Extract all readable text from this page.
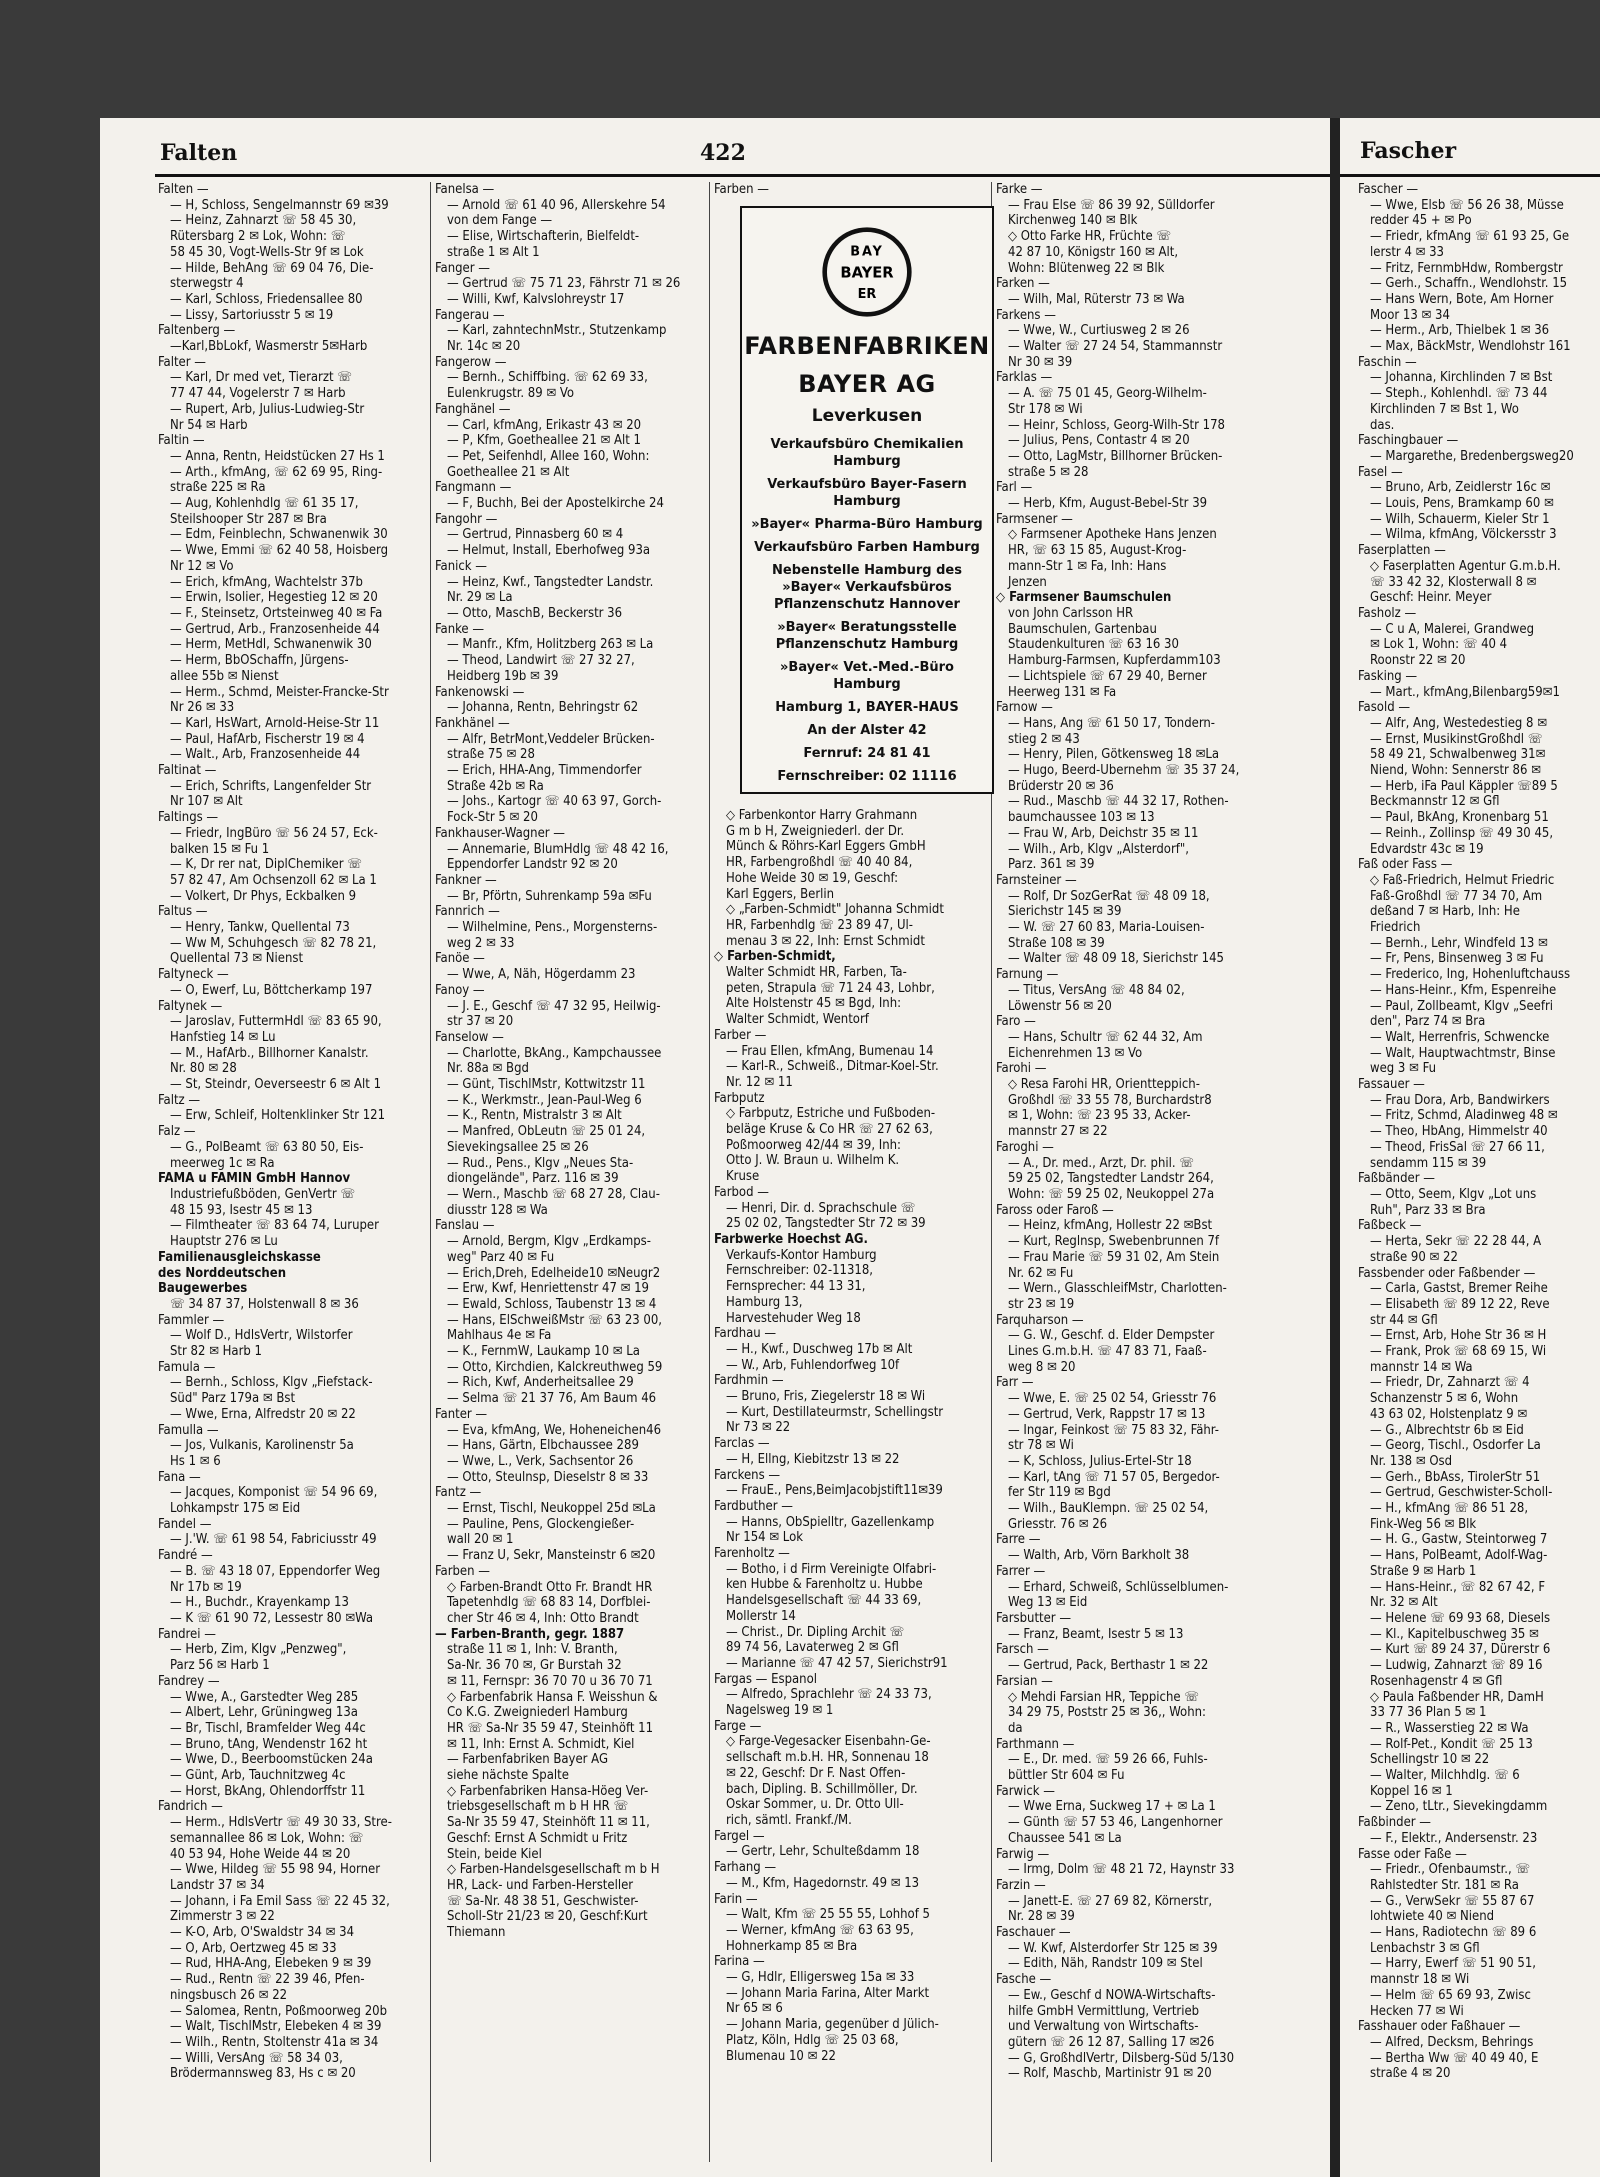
Falten	422
Falten —
— H, Schloss, Sengelmannstr 69 ✉39
— Heinz, Zahnarzt ☏ 58 45 30,
Rütersbarg 2 ✉ Lok, Wohn: ☏
58 45 30, Vogt-Wells-Str 9f ✉ Lok
— Hilde, BehAng ☏ 69 04 76, Die-
sterwegstr 4
— Karl, Schloss, Friedensallee 80
— Lissy, Sartoriusstr 5 ✉ 19
Faltenberg —
—Karl,BbLokf, Wasmerstr 5✉Harb
Falter —
— Karl, Dr med vet, Tierarzt ☏
77 47 44, Vogelerstr 7 ✉ Harb
— Rupert, Arb, Julius-Ludwieg-Str
Nr 54 ✉ Harb
Faltin —
— Anna, Rentn, Heidstücken 27 Hs 1
— Arth., kfmAng, ☏ 62 69 95, Ring-
straße 225 ✉ Ra
— Aug, Kohlenhdlg ☏ 61 35 17,
Steilshooper Str 287 ✉ Bra
— Edm, Feinblechn, Schwanenwik 30
— Wwe, Emmi ☏ 62 40 58, Hoisberg
Nr 12 ✉ Vo
— Erich, kfmAng, Wachtelstr 37b
— Erwin, Isolier, Hegestieg 12 ✉ 20
— F., Steinsetz, Ortsteinweg 40 ✉ Fa
— Gertrud, Arb., Franzosenheide 44
— Herm, MetHdl, Schwanenwik 30
— Herm, BbOSchaffn, Jürgens-
allee 55b ✉ Nienst
— Herm., Schmd, Meister-Francke-Str
Nr 26 ✉ 33
— Karl, HsWart, Arnold-Heise-Str 11
— Paul, HafArb, Fischerstr 19 ✉ 4
— Walt., Arb, Franzosenheide 44
Faltinat —
— Erich, Schrifts, Langenfelder Str
Nr 107 ✉ Alt
Faltings —
— Friedr, IngBüro ☏ 56 24 57, Eck-
balken 15 ✉ Fu 1
— K, Dr rer nat, DiplChemiker ☏
57 82 47, Am Ochsenzoll 62 ✉ La 1
— Volkert, Dr Phys, Eckbalken 9
Faltus —
— Henry, Tankw, Quellental 73
— Ww M, Schuhgesch ☏ 82 78 21,
Quellental 73 ✉ Nienst
Faltyneck —
— O, Ewerf, Lu, Böttcherkamp 197
Faltynek —
— Jaroslav, FuttermHdl ☏ 83 65 90,
Hanfstieg 14 ✉ Lu
— M., HafArb., Billhorner Kanalstr.
Nr. 80 ✉ 28
— St, Steindr, Oeverseestr 6 ✉ Alt 1
Faltz —
— Erw, Schleif, Holtenklinker Str 121
Falz —
— G., PolBeamt ☏ 63 80 50, Eis-
meerweg 1c ✉ Ra
FAMA u FAMIN GmbH Hannov
Industriefußböden, GenVertr ☏
48 15 93, Isestr 45 ✉ 13
— Filmtheater ☏ 83 64 74, Luruper
Hauptstr 276 ✉ Lu
Familienausgleichskasse
des Norddeutschen
Baugewerbes
☏ 34 87 37, Holstenwall 8 ✉ 36
Fammler —
— Wolf D., HdlsVertr, Wilstorfer
Str 82 ✉ Harb 1
Famula —
— Bernh., Schloss, Klgv „Fiefstack-
Süd" Parz 179a ✉ Bst
— Wwe, Erna, Alfredstr 20 ✉ 22
Famulla —
— Jos, Vulkanis, Karolinenstr 5a
Hs 1 ✉ 6
Fana —
— Jacques, Komponist ☏ 54 96 69,
Lohkampstr 175 ✉ Eid
Fandel —
— J.'W. ☏ 61 98 54, Fabriciusstr 49
Fandré —
— B. ☏ 43 18 07, Eppendorfer Weg
Nr 17b ✉ 19
— H., Buchdr., Krayenkamp 13
— K ☏ 61 90 72, Lessestr 80 ✉Wa
Fandrei —
— Herb, Zim, Klgv „Penzweg",
Parz 56 ✉ Harb 1
Fandrey —
— Wwe, A., Garstedter Weg 285
— Albert, Lehr, Grüningweg 13a
— Br, Tischl, Bramfelder Weg 44c
— Bruno, tAng, Wendenstr 162 ht
— Wwe, D., Beerboomstücken 24a
— Günt, Arb, Tauchnitzweg 4c
— Horst, BkAng, Ohlendorffstr 11
Fandrich —
— Herm., HdlsVertr ☏ 49 30 33, Stre-
semannallee 86 ✉ Lok, Wohn: ☏
40 53 94, Hohe Weide 44 ✉ 20
— Wwe, Hildeg ☏ 55 98 94, Horner
Landstr 37 ✉ 34
— Johann, i Fa Emil Sass ☏ 22 45 32,
Zimmerstr 3 ✉ 22
— K-O, Arb, O'Swaldstr 34 ✉ 34
— O, Arb, Oertzweg 45 ✉ 33
— Rud, HHA-Ang, Elebeken 9 ✉ 39
— Rud., Rentn ☏ 22 39 46, Pfen-
ningsbusch 26 ✉ 22
— Salomea, Rentn, Poßmoorweg 20b
— Walt, TischlMstr, Elebeken 4 ✉ 39
— Wilh., Rentn, Stoltenstr 41a ✉ 34
— Willi, VersAng ☏ 58 34 03,
Brödermannsweg 83, Hs c ✉ 20
Fanelsa —
— Arnold ☏ 61 40 96, Allerskehre 54
von dem Fange —
— Elise, Wirtschafterin, Bielfeldt-
straße 1 ✉ Alt 1
Fanger —
— Gertrud ☏ 75 71 23, Fährstr 71 ✉ 26
— Willi, Kwf, Kalvslohreystr 17
Fangerau —
— Karl, zahntechnMstr., Stutzenkamp
Nr. 14c ✉ 20
Fangerow —
— Bernh., Schiffbing. ☏ 62 69 33,
Eulenkrugstr. 89 ✉ Vo
Fanghänel —
— Carl, kfmAng, Erikastr 43 ✉ 20
— P, Kfm, Goetheallee 21 ✉ Alt 1
— Pet, Seifenhdl, Allee 160, Wohn:
Goetheallee 21 ✉ Alt
Fangmann —
— F, Buchh, Bei der Apostelkirche 24
Fangohr —
— Gertrud, Pinnasberg 60 ✉ 4
— Helmut, Install, Eberhofweg 93a
Fanick —
— Heinz, Kwf., Tangstedter Landstr.
Nr. 29 ✉ La
— Otto, MaschB, Beckerstr 36
Fanke —
— Manfr., Kfm, Holitzberg 263 ✉ La
— Theod, Landwirt ☏ 27 32 27,
Heidberg 19b ✉ 39
Fankenowski —
— Johanna, Rentn, Behringstr 62
Fankhänel —
— Alfr, BetrMont,Veddeler Brücken-
straße 75 ✉ 28
— Erich, HHA-Ang, Timmendorfer
Straße 42b ✉ Ra
— Johs., Kartogr ☏ 40 63 97, Gorch-
Fock-Str 5 ✉ 20
Fankhauser-Wagner —
— Annemarie, BlumHdlg ☏ 48 42 16,
Eppendorfer Landstr 92 ✉ 20
Fankner —
— Br, Pförtn, Suhrenkamp 59a ✉Fu
Fannrich —
— Wilhelmine, Pens., Morgensterns-
weg 2 ✉ 33
Fanöe —
— Wwe, A, Näh, Högerdamm 23
Fanoy —
— J. E., Geschf ☏ 47 32 95, Heilwig-
str 37 ✉ 20
Fanselow —
— Charlotte, BkAng., Kampchaussee
Nr. 88a ✉ Bgd
— Günt, TischlMstr, Kottwitzstr 11
— K., Werkmstr., Jean-Paul-Weg 6
— K., Rentn, Mistralstr 3 ✉ Alt
— Manfred, ObLeutn ☏ 25 01 24,
Sievekingsallee 25 ✉ 26
— Rud., Pens., Klgv „Neues Sta-
diongelände", Parz. 116 ✉ 39
— Wern., Maschb ☏ 68 27 28, Clau-
diusstr 128 ✉ Wa
Fanslau —
— Arnold, Bergm, Klgv „Erdkamps-
weg" Parz 40 ✉ Fu
— Erich,Dreh, Edelheide10 ✉Neugr2
— Erw, Kwf, Henriettenstr 47 ✉ 19
— Ewald, Schloss, Taubenstr 13 ✉ 4
— Hans, ElSchweißMstr ☏ 63 23 00,
Mahlhaus 4e ✉ Fa
— K., FernmW, Laukamp 10 ✉ La
— Otto, Kirchdien, Kalckreuthweg 59
— Rich, Kwf, Anderheitsallee 29
— Selma ☏ 21 37 76, Am Baum 46
Fanter —
— Eva, kfmAng, We, Hoheneichen46
— Hans, Gärtn, Elbchaussee 289
— Wwe, L., Verk, Sachsentor 26
— Otto, Steulnsp, Dieselstr 8 ✉ 33
Fantz —
— Ernst, Tischl, Neukoppel 25d ✉La
— Pauline, Pens, Glockengießer-
wall 20 ✉ 1
— Franz U, Sekr, Mansteinstr 6 ✉20
Farben —
◇ Farben-Brandt Otto Fr. Brandt HR
Tapetenhdlg ☏ 68 83 14, Dorfblei-
cher Str 46 ✉ 4, Inh: Otto Brandt
— Farben-Branth, gegr. 1887
straße 11 ✉ 1, Inh: V. Branth,
Sa-Nr. 36 70 ✉, Gr Burstah 32
✉ 11, Fernspr: 36 70 70 u 36 70 71
◇ Farbenfabrik Hansa F. Weisshun &
Co K.G. Zweigniederl Hamburg
HR ☏ Sa-Nr 35 59 47, Steinhöft 11
✉ 11, Inh: Ernst A. Schmidt, Kiel
— Farbenfabriken Bayer AG
siehe nächste Spalte
◇ Farbenfabriken Hansa-Höeg Ver-
triebsgesellschaft m b H HR ☏
Sa-Nr 35 59 47, Steinhöft 11 ✉ 11,
Geschf: Ernst A Schmidt u Fritz
Stein, beide Kiel
◇ Farben-Handelsgesellschaft m b H
HR, Lack- und Farben-Hersteller
☏ Sa-Nr. 48 38 51, Geschwister-
Scholl-Str 21/23 ✉ 20, Geschf:Kurt
Thiemann
Farben —
BAY
BAYER
ER
FARBENFABRIKEN
BAYER AG
Leverkusen
Verkaufsbüro Chemikalien Hamburg
Verkaufsbüro Bayer-Fasern Hamburg
»Bayer« Pharma-Büro Hamburg
Verkaufsbüro Farben Hamburg
Nebenstelle Hamburg des »Bayer« Verkaufsbüros Pflanzenschutz Hannover
»Bayer« Beratungsstelle Pflanzenschutz Hamburg
»Bayer« Vet.-Med.-Büro Hamburg
Hamburg 1, BAYER-HAUS
An der Alster 42
Fernruf: 24 81 41
Fernschreiber: 02 11116
◇ Farbenkontor Harry Grahmann
G m b H, Zweigniederl. der Dr.
Münch & Röhrs-Karl Eggers GmbH
HR, Farbengroßhdl ☏ 40 40 84,
Hohe Weide 30 ✉ 19, Geschf:
Karl Eggers, Berlin
◇ „Farben-Schmidt" Johanna Schmidt
HR, Farbenhdlg ☏ 23 89 47, Ul-
menau 3 ✉ 22, Inh: Ernst Schmidt
◇ Farben-Schmidt,
Walter Schmidt HR, Farben, Ta-
peten, Strapula ☏ 71 24 43, Lohbr,
Alte Holstenstr 45 ✉ Bgd, Inh:
Walter Schmidt, Wentorf
Farber —
— Frau Ellen, kfmAng, Bumenau 14
— Karl-R., Schweiß., Ditmar-Koel-Str.
Nr. 12 ✉ 11
Farbputz
◇ Farbputz, Estriche und Fußboden-
beläge Kruse & Co HR ☏ 27 62 63,
Poßmoorweg 42/44 ✉ 39, Inh:
Otto J. W. Braun u. Wilhelm K.
Kruse
Farbod —
— Henri, Dir. d. Sprachschule ☏
25 02 02, Tangstedter Str 72 ✉ 39
Farbwerke Hoechst AG.
Verkaufs-Kontor Hamburg
Fernschreiber: 02-11318,
Fernsprecher: 44 13 31,
Hamburg 13,
Harvestehuder Weg 18
Fardhau —
— H., Kwf., Duschweg 17b ✉ Alt
— W., Arb, Fuhlendorfweg 10f
Fardhmin —
— Bruno, Fris, Ziegelerstr 18 ✉ Wi
— Kurt, Destillateurmstr, Schellingstr
Nr 73 ✉ 22
Farclas —
— H, Ellng, Kiebitzstr 13 ✉ 22
Farckens —
— FrauE., Pens,BeimJacobjstift11✉39
Fardbuther —
— Hanns, ObSpielltr, Gazellenkamp
Nr 154 ✉ Lok
Farenholtz —
— Botho, i d Firm Vereinigte Ölfabri-
ken Hubbe & Farenholtz u. Hubbe
Handelsgesellschaft ☏ 44 33 69,
Mollerstr 14
— Christ., Dr. Dipling Archit ☏
89 74 56, Lavaterweg 2 ✉ Gfl
— Marianne ☏ 47 42 57, Sierichstr91
Fargas — Espanol
— Alfredo, Sprachlehr ☏ 24 33 73,
Nagelsweg 19 ✉ 1
Farge —
◇ Farge-Vegesacker Eisenbahn-Ge-
sellschaft m.b.H. HR, Sonnenau 18
✉ 22, Geschf: Dr F. Nast Offen-
bach, Dipling. B. Schillmöller, Dr.
Oskar Sommer, u. Dr. Otto Ull-
rich, sämtl. Frankf./M.
Fargel —
— Gertr, Lehr, Schulteßdamm 18
Farhang —
— M., Kfm, Hagedornstr. 49 ✉ 13
Farin —
— Walt, Kfm ☏ 25 55 55, Lohhof 5
— Werner, kfmAng ☏ 63 63 95,
Hohnerkamp 85 ✉ Bra
Farina —
— G, Hdlr, Elligersweg 15a ✉ 33
— Johann Maria Farina, Alter Markt
Nr 65 ✉ 6
— Johann Maria, gegenüber d Jülich-
Platz, Köln, Hdlg ☏ 25 03 68,
Blumenau 10 ✉ 22
Farke —
— Frau Else ☏ 86 39 92, Sülldorfer
Kirchenweg 140 ✉ Blk
◇ Otto Farke HR, Früchte ☏
42 87 10, Königstr 160 ✉ Alt,
Wohn: Blütenweg 22 ✉ Blk
Farken —
— Wilh, Mal, Rüterstr 73 ✉ Wa
Farkens —
— Wwe, W., Curtiusweg 2 ✉ 26
— Walter ☏ 27 24 54, Stammannstr
Nr 30 ✉ 39
Farklas —
— A. ☏ 75 01 45, Georg-Wilhelm-
Str 178 ✉ Wi
— Heinr, Schloss, Georg-Wilh-Str 178
— Julius, Pens, Contastr 4 ✉ 20
— Otto, LagMstr, Billhorner Brücken-
straße 5 ✉ 28
Farl —
— Herb, Kfm, August-Bebel-Str 39
Farmsener —
◇ Farmsener Apotheke Hans Jenzen
HR, ☏ 63 15 85, August-Krog-
mann-Str 1 ✉ Fa, Inh: Hans
Jenzen
◇ Farmsener Baumschulen
von John Carlsson HR
Baumschulen, Gartenbau
Staudenkulturen ☏ 63 16 30
Hamburg-Farmsen, Kupferdamm103
— Lichtspiele ☏ 67 29 40, Berner
Heerweg 131 ✉ Fa
Farnow —
— Hans, Ang ☏ 61 50 17, Tondern-
stieg 2 ✉ 43
— Henry, Pilen, Götkensweg 18 ✉La
— Hugo, Beerd-Übernehm ☏ 35 37 24,
Brüderstr 20 ✉ 36
— Rud., Maschb ☏ 44 32 17, Rothen-
baumchaussee 103 ✉ 13
— Frau W, Arb, Deichstr 35 ✉ 11
— Wilh., Arb, Klgv „Alsterdorf",
Parz. 361 ✉ 39
Farnsteiner —
— Rolf, Dr SozGerRat ☏ 48 09 18,
Sierichstr 145 ✉ 39
— W. ☏ 27 60 83, Maria-Louisen-
Straße 108 ✉ 39
— Walter ☏ 48 09 18, Sierichstr 145
Farnung —
— Titus, VersAng ☏ 48 84 02,
Löwenstr 56 ✉ 20
Faro —
— Hans, Schultr ☏ 62 44 32, Am
Eichenrehmen 13 ✉ Vo
Farohi —
◇ Resa Farohi HR, Orientteppich-
Großhdl ☏ 33 55 78, Burchardstr8
✉ 1, Wohn: ☏ 23 95 33, Acker-
mannstr 27 ✉ 22
Faroghi —
— A., Dr. med., Arzt, Dr. phil. ☏
59 25 02, Tangstedter Landstr 264,
Wohn: ☏ 59 25 02, Neukoppel 27a
Faross oder Faroß —
— Heinz, kfmAng, Hollestr 22 ✉Bst
— Kurt, Reglnsp, Swebenbrunnen 7f
— Frau Marie ☏ 59 31 02, Am Stein
Nr. 62 ✉ Fu
— Wern., GlasschleifMstr, Charlotten-
str 23 ✉ 19
Farquharson —
— G. W., Geschf. d. Elder Dempster
Lines G.m.b.H. ☏ 47 83 71, Faaß-
weg 8 ✉ 20
Farr —
— Wwe, E. ☏ 25 02 54, Griesstr 76
— Gertrud, Verk, Rappstr 17 ✉ 13
— Ingar, Feinkost ☏ 75 83 32, Fähr-
str 78 ✉ Wi
— K, Schloss, Julius-Ertel-Str 18
— Karl, tAng ☏ 71 57 05, Bergedor-
fer Str 119 ✉ Bgd
— Wilh., BauKlempn. ☏ 25 02 54,
Griesstr. 76 ✉ 26
Farre —
— Walth, Arb, Vörn Barkholt 38
Farrer —
— Erhard, Schweiß, Schlüsselblumen-
Weg 13 ✉ Eid
Farsbutter —
— Franz, Beamt, Isestr 5 ✉ 13
Farsch —
— Gertrud, Pack, Berthastr 1 ✉ 22
Farsian —
◇ Mehdi Farsian HR, Teppiche ☏
34 29 75, Poststr 25 ✉ 36,, Wohn:
da
Farthmann —
— E., Dr. med. ☏ 59 26 66, Fuhls-
büttler Str 604 ✉ Fu
Farwick —
— Wwe Erna, Suckweg 17 + ✉ La 1
— Günth ☏ 57 53 46, Langenhorner
Chaussee 541 ✉ La
Farwig —
— Irmg, Dolm ☏ 48 21 72, Haynstr 33
Farzin —
— Janett-E. ☏ 27 69 82, Körnerstr,
Nr. 28 ✉ 39
Faschauer —
— W. Kwf, Alsterdorfer Str 125 ✉ 39
— Edith, Näh, Randstr 109 ✉ Stel
Fasche —
— Ew., Geschf d NOWA-Wirtschafts-
hilfe GmbH Vermittlung, Vertrieb
und Verwaltung von Wirtschafts-
gütern ☏ 26 12 87, Salling 17 ✉26
— G, GroßhdlVertr, Dilsberg-Süd 5/130
— Rolf, Maschb, Martinistr 91 ✉ 20
Fascher
Fascher —
— Wwe, Elsb ☏ 56 26 38, Müsse
redder 45 + ✉ Po
— Friedr, kfmAng ☏ 61 93 25, Ge
lerstr 4 ✉ 33
— Fritz, FernmbHdw, Rombergstr
— Gerh., Schaffn., Wendlohstr. 15
— Hans Wern, Bote, Am Horner
Moor 13 ✉ 34
— Herm., Arb, Thielbek 1 ✉ 36
— Max, BäckMstr, Wendlohstr 161
Faschin —
— Johanna, Kirchlinden 7 ✉ Bst
— Steph., Kohlenhdl. ☏ 73 44
Kirchlinden 7 ✉ Bst 1, Wo
das.
Faschingbauer —
— Margarethe, Bredenbergsweg20
Fasel —
— Bruno, Arb, Zeidlerstr 16c ✉
— Louis, Pens, Bramkamp 60 ✉
— Wilh, Schauerm, Kieler Str 1
— Wilma, kfmAng, Völckersstr 3
Faserplatten —
◇ Faserplatten Agentur G.m.b.H.
☏ 33 42 32, Klosterwall 8 ✉
Geschf: Heinr. Meyer
Fasholz —
— C u A, Malerei, Grandweg
✉ Lok 1, Wohn: ☏ 40 4
Roonstr 22 ✉ 20
Fasking —
— Mart., kfmAng,Bilenbarg59✉1
Fasold —
— Alfr, Ang, Westedestieg 8 ✉
— Ernst, MusikinstGroßhdl ☏
58 49 21, Schwalbenweg 31✉
Niend, Wohn: Sennerstr 86 ✉
— Herb, iFa Paul Käppler ☏89 5
Beckmannstr 12 ✉ Gfl
— Paul, BkAng, Kronenbarg 51
— Reinh., Zollinsp ☏ 49 30 45,
Edvardstr 43c ✉ 19
Faß oder Fass —
◇ Faß-Friedrich, Helmut Friedric
Faß-Großhdl ☏ 77 34 70, Am
deßand 7 ✉ Harb, Inh: He
Friedrich
— Bernh., Lehr, Windfeld 13 ✉
— Fr, Pens, Binsenweg 3 ✉ Fu
— Frederico, Ing, Hohenluftchauss
— Hans-Heinr., Kfm, Espenreihe
— Paul, Zollbeamt, Klgv „Seefri
den", Parz 74 ✉ Bra
— Walt, Herrenfris, Schwencke
— Walt, Hauptwachtmstr, Binse
weg 3 ✉ Fu
Fassauer —
— Frau Dora, Arb, Bandwirkers
— Fritz, Schmd, Aladinweg 48 ✉
— Theo, HbAng, Himmelstr 40
— Theod, FrisSal ☏ 27 66 11,
sendamm 115 ✉ 39
Faßbänder —
— Otto, Seem, Klgv „Lot uns
Ruh", Parz 33 ✉ Bra
Faßbeck —
— Herta, Sekr ☏ 22 28 44, A
straße 90 ✉ 22
Fassbender oder Faßbender —
— Carla, Gastst, Bremer Reihe
— Elisabeth ☏ 89 12 22, Reve
str 44 ✉ Gfl
— Ernst, Arb, Hohe Str 36 ✉ H
— Frank, Prok ☏ 68 69 15, Wi
mannstr 14 ✉ Wa
— Friedr, Dr, Zahnarzt ☏ 4
Schanzenstr 5 ✉ 6, Wohn
43 63 02, Holstenplatz 9 ✉
— G., Albrechtstr 6b ✉ Eid
— Georg, Tischl., Osdorfer La
Nr. 138 ✉ Osd
— Gerh., BbAss, TirolerStr 51
— Gertrud, Geschwister-Scholl-
— H., kfmAng ☏ 86 51 28,
Fink-Weg 56 ✉ Blk
— H. G., Gastw, Steintorweg 7
— Hans, PolBeamt, Adolf-Wag-
Straße 9 ✉ Harb 1
— Hans-Heinr., ☏ 82 67 42, F
Nr. 32 ✉ Alt
— Helene ☏ 69 93 68, Diesels
— Kl., Kapitelbuschweg 35 ✉
— Kurt ☏ 89 24 37, Dürerstr 6
— Ludwig, Zahnarzt ☏ 89 16
Rosenhagenstr 4 ✉ Gfl
◇ Paula Faßbender HR, DamH
33 77 36 Plan 5 ✉ 1
— R., Wasserstieg 22 ✉ Wa
— Rolf-Pet., Kondit ☏ 25 13
Schellingstr 10 ✉ 22
— Walter, Milchhdlg. ☏ 6
Koppel 16 ✉ 1
— Zeno, tLtr., Sievekingdamm
Faßbinder —
— F., Elektr., Andersenstr. 23
Fasse oder Faße —
— Friedr., Ofenbaumstr., ☏
Rahlstedter Str. 181 ✉ Ra
— G., VerwSekr ☏ 55 87 67
lohtwiete 40 ✉ Niend
— Hans, Radiotechn ☏ 89 6
Lenbachstr 3 ✉ Gfl
— Harry, Ewerf ☏ 51 90 51,
mannstr 18 ✉ Wi
— Helm ☏ 65 69 93, Zwisc
Hecken 77 ✉ Wi
Fasshauer oder Faßhauer —
— Alfred, Decksm, Behrings
— Bertha Ww ☏ 40 49 40, E
straße 4 ✉ 20
